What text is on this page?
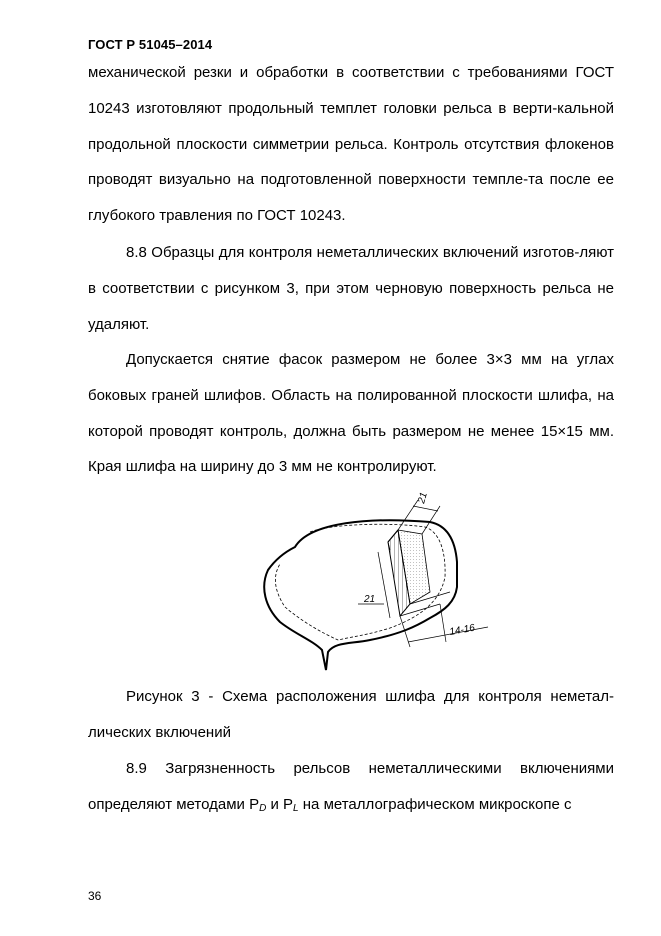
ГОСТ Р 51045–2014

механической резки и обработки в соответствии с требованиями ГОСТ 10243 изготовляют продольный темплет головки рельса в верти-кальной продольной плоскости симметрии рельса. Контроль отсутствия флокенов проводят визуально на подготовленной поверхности темпле-та после ее глубокого травления по ГОСТ 10243.

8.8 Образцы для контроля неметаллических включений изготов-ляют в соответствии с рисунком 3, при этом черновую поверхность рельса не удаляют.

Допускается снятие фасок размером не более 3×3 мм на углах боковых граней шлифов. Область на полированной плоскости шлифа, на которой проводят контроль, должна быть размером не менее 15×15 мм. Края шлифа на ширину до 3 мм не контролируют.

21
21
14-16

Рисунок 3 - Схема расположения шлифа для контроля неметал-лических включений

8.9 Загрязненность рельсов неметаллическими включениями определяют методами $P_D$ и $P_L$ на металлографическом микроскопе с

36
